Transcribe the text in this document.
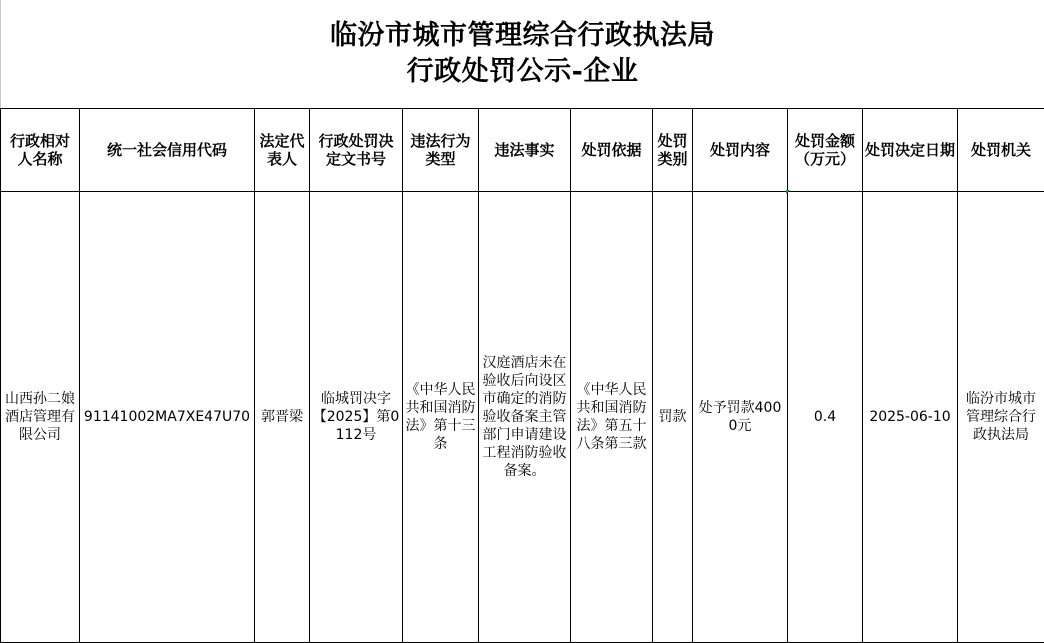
临汾市城市管理综合行政执法局
行政处罚公示-企业
行政相对人名称	统一社会信用代码	法定代表人	行政处罚决定文书号	违法行为类型	违法事实	处罚依据	处罚类别	处罚内容	处罚金额（万元）	处罚决定日期	处罚机关
山西孙二娘酒店管理有限公司	91141002MA7XE47U70	郭晋梁	临城罚决字【2025】第0112号	《中华人民共和国消防法》第十三条	汉庭酒店未在验收后向设区市确定的消防验收备案主管部门申请建设工程消防验收备案。	《中华人民共和国消防法》第五十八条第三款	罚款	处予罚款4000元	0.4	2025-06-10	临汾市城市管理综合行政执法局
